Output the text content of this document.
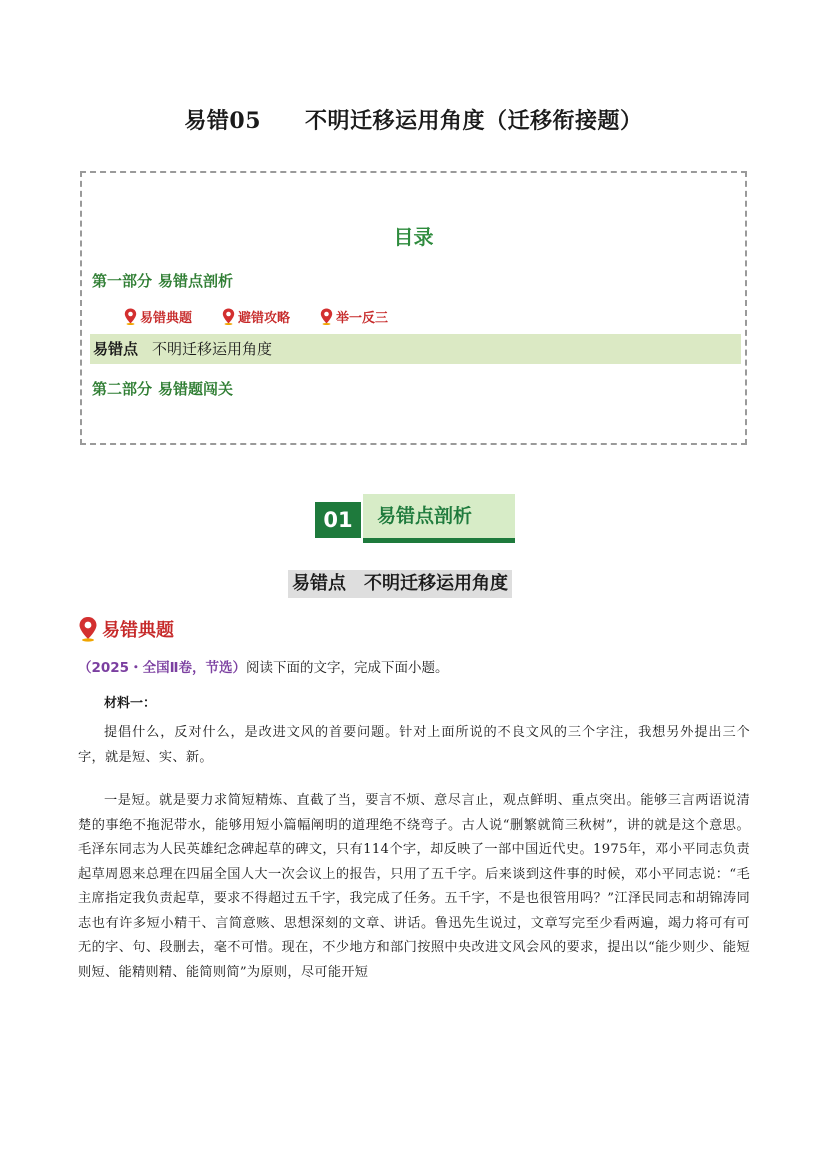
易错05 不明迁移运用角度（迁移衔接题）
目录
第一部分 易错点剖析
易错典题	避错攻略	举一反三
易错点 不明迁移运用角度
第二部分 易错题闯关
01	易错点剖析
易错点 不明迁移运用角度
易错典题
（2025・全国Ⅱ卷，节选）阅读下面的文字，完成下面小题。
材料一：
提倡什么，反对什么，是改进文风的首要问题。针对上面所说的不良文风的三个字注，我想另外提出三个字，就是短、实、新。
一是短。就是要力求简短精炼、直截了当，要言不烦、意尽言止，观点鲜明、重点突出。能够三言两语说清楚的事绝不拖泥带水，能够用短小篇幅阐明的道理绝不绕弯子。古人说“删繁就简三秋树”，讲的就是这个意思。毛泽东同志为人民英雄纪念碑起草的碑文，只有114个字，却反映了一部中国近代史。1975年，邓小平同志负责起草周恩来总理在四届全国人大一次会议上的报告，只用了五千字。后来谈到这件事的时候，邓小平同志说：“毛主席指定我负责起草，要求不得超过五千字，我完成了任务。五千字，不是也很管用吗？”江泽民同志和胡锦涛同志也有许多短小精干、言简意赅、思想深刻的文章、讲话。鲁迅先生说过，文章写完至少看两遍，竭力将可有可无的字、句、段删去，毫不可惜。现在，不少地方和部门按照中央改进文风会风的要求，提出以“能少则少、能短则短、能精则精、能简则简”为原则，尽可能开短
